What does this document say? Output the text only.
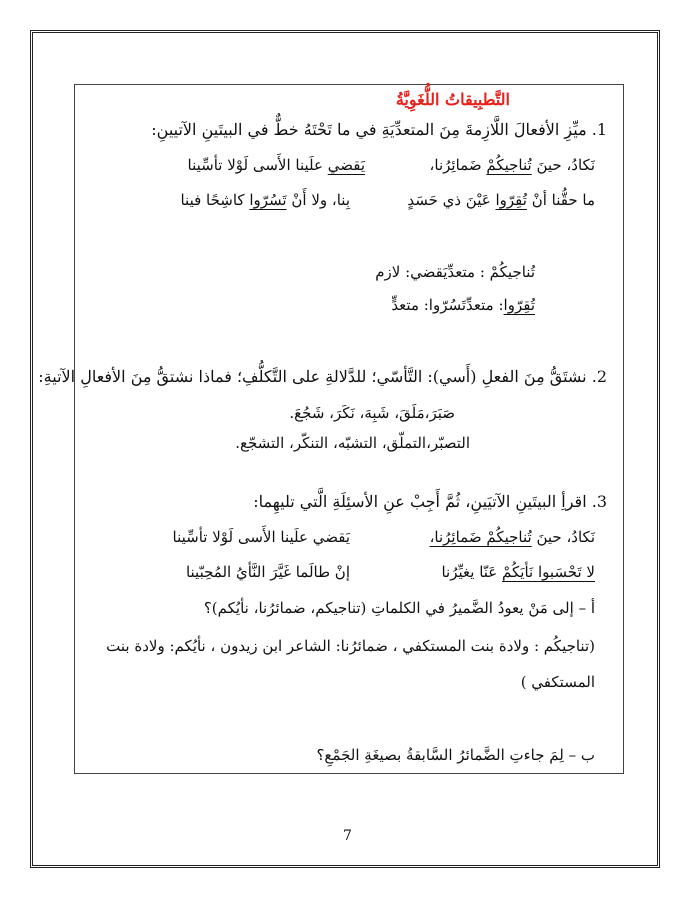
التَّطبِيقاتُ اللُّغَوِيَّةُ
1. ميِّزِ الأفعالَ اللَّازِمةَ مِنَ المتعدِّيَةِ في ما تَحْتَهُ خطٌّ في البيتَينِ الآتيينِ:
نَكادُ، حينَ تُناجيكُمْ ضَمائِرُنا،
يَقضي علَينا الأَسى لَوْلا تأسِّينا
ما حقُّنا أنْ تُقِرّوا عَيْنَ ذي حَسَدٍ
بِنا، ولا أَنْ تَسُرّوا كاشِحًا فينا
تُناجيكُمْ : متعدِّيَقضي: لازم
تُقِرّوا: متعدِّتَسُرّوا: متعدٍّ
2. نشتَقُّ مِنَ الفعلِ (أَسي): التَّأسّي؛ للدَّلالةِ على التَّكلُّفِ؛ فماذا نشتقُّ مِنَ الأفعالِ الآتيةِ:
صَبَرَ،مَلَقَ، شَبِهَ، نَكَرَ، شَجُعَ.
التصبّر،التملّق، التشبّه، التنكّر، التشجّع.
3. اقرأِ البيتَينِ الآتيَينِ، ثُمَّ أَجِبْ عنِ الأسئِلَةِ الَّتي تليهِما:
نَكادُ، حينَ تُناجيكُمْ ضَمائِرُنا،
يَقضي علَينا الأَسى لَوْلا تأسِّينا
لا تَحْسَبوا نَأيَكُمْ عَنّا يغيِّرُنا
إنْ طالَما غَيَّرَ النَّأيُ المُحِبّينا
أ – إلى مَنْ يعودُ الضَّميرُ في الكلماتِ (تناجيكم، ضمائرُنا، نأيُكم)؟
(تناجيكُم : ولادة بنت المستكفي ، ضمائرُنا: الشاعر ابن زيدون ، نأيُكم: ولادة بنت
المستكفي )
ب – لِمَ جاءتِ الضَّمائرُ السَّابقةُ بصيغَةِ الجَمْعِ؟
7
